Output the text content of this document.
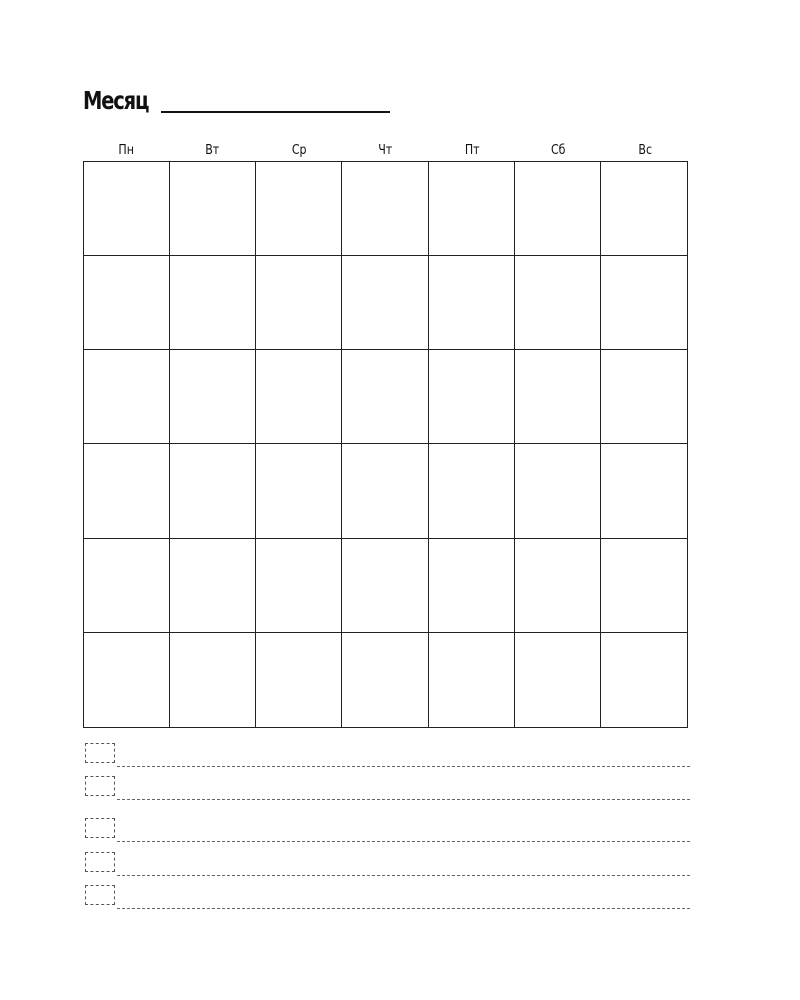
Месяц
Пн	Вт	Ср	Чт	Пт	Сб	Вс
